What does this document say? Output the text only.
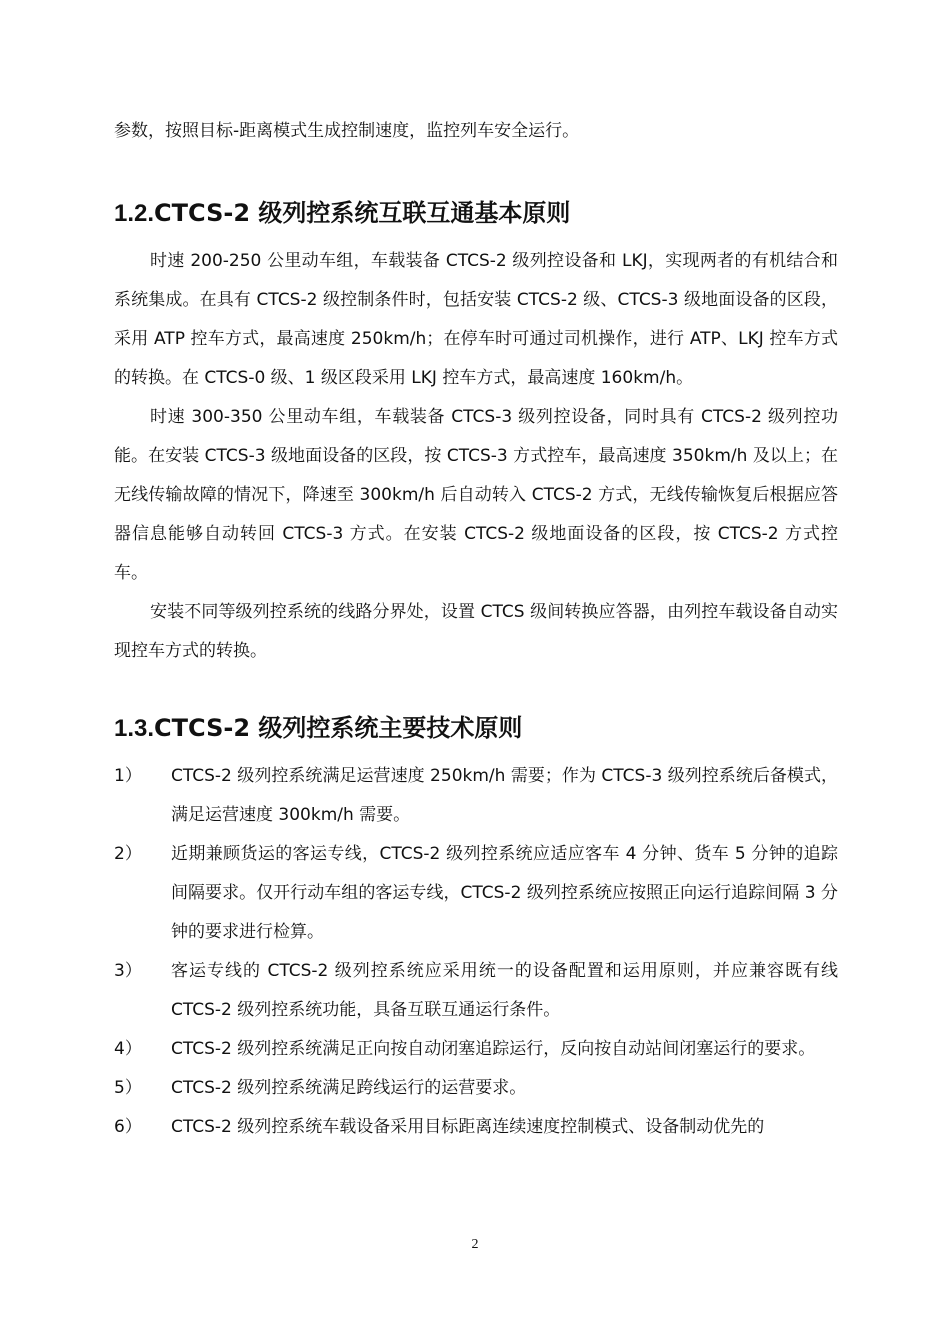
参数，按照目标-距离模式生成控制速度，监控列车安全运行。

1.2.CTCS-2 级列控系统互联互通基本原则

时速 200-250 公里动车组，车载装备 CTCS-2 级列控设备和 LKJ，实现两者的有机结合和系统集成。在具有 CTCS-2 级控制条件时，包括安装 CTCS-2 级、CTCS-3 级地面设备的区段，采用 ATP 控车方式，最高速度 250km/h；在停车时可通过司机操作，进行 ATP、LKJ 控车方式的转换。在 CTCS-0 级、1 级区段采用 LKJ 控车方式，最高速度 160km/h。

时速 300-350 公里动车组，车载装备 CTCS-3 级列控设备，同时具有 CTCS-2 级列控功能。在安装 CTCS-3 级地面设备的区段，按 CTCS-3 方式控车，最高速度 350km/h 及以上；在无线传输故障的情况下，降速至 300km/h 后自动转入 CTCS-2 方式，无线传输恢复后根据应答器信息能够自动转回 CTCS-3 方式。在安装 CTCS-2 级地面设备的区段，按 CTCS-2 方式控车。

安装不同等级列控系统的线路分界处，设置 CTCS 级间转换应答器，由列控车载设备自动实现控车方式的转换。

1.3.CTCS-2 级列控系统主要技术原则
1）	CTCS-2 级列控系统满足运营速度 250km/h 需要；作为 CTCS-3 级列控系统后备模式，满足运营速度 300km/h 需要。
2）	近期兼顾货运的客运专线，CTCS-2 级列控系统应适应客车 4 分钟、货车 5 分钟的追踪间隔要求。仅开行动车组的客运专线，CTCS-2 级列控系统应按照正向运行追踪间隔 3 分钟的要求进行检算。
3）	客运专线的 CTCS-2 级列控系统应采用统一的设备配置和运用原则，并应兼容既有线 CTCS-2 级列控系统功能，具备互联互通运行条件。
4）	CTCS-2 级列控系统满足正向按自动闭塞追踪运行，反向按自动站间闭塞运行的要求。
5）	CTCS-2 级列控系统满足跨线运行的运营要求。
6）	CTCS-2 级列控系统车载设备采用目标距离连续速度控制模式、设备制动优先的
2
